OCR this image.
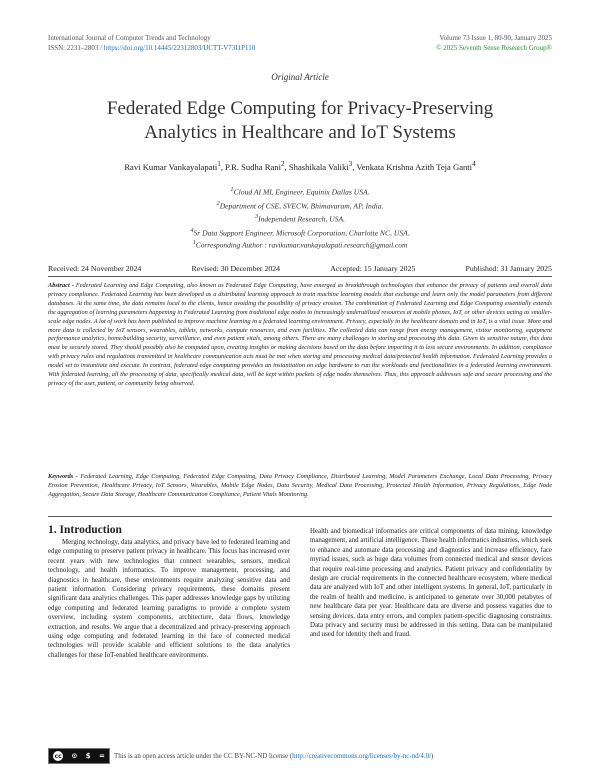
International Journal of Computer Trends and Technology
ISSN: 2231–2803 / https://doi.org/10.14445/22312803/IJCTT-V73I1P110
Volume 73 Issue 1, 80-90, January 2025
© 2025 Seventh Sense Research Group®
Original Article
Federated Edge Computing for Privacy-Preserving
Analytics in Healthcare and IoT Systems
Ravi Kumar Vankayalapati$^1$, P.R. Sudha Rani$^2$, Shashikala Valiki$^3$, Venkata Krishna Azith Teja Ganti$^4$
$^1$Cloud AI ML Engineer, Equinix Dallas USA.
$^2$Department of CSE, SVECW, Bhimavaram, AP, India.
$^3$Independent Research, USA.
$^4$Sr Data Support Engineer, Microsoft Corporation, Charlotte NC, USA.
$^1$Corresponding Author : ravikumar.vankayalapati.research@gmail.com
Received: 24 November 2024	Revised: 30 December 2024	Accepted: 15 January 2025	Published: 31 January 2025
Abstract - Federated Learning and Edge Computing, also known as Federated Edge Computing, have emerged as breakthrough technologies that enhance the privacy of patients and overall data privacy compliance. Federated Learning has been developed as a distributed learning approach to train machine learning models that exchange and learn only the model parameters from different databases. At the same time, the data remains local to the clients, hence avoiding the possibility of privacy erosion. The combination of Federated Learning and Edge Computing essentially extends the aggregation of learning parameters happening in Federated Learning from traditional edge nodes to increasingly underutilized resources at mobile phones, IoT, or other devices acting as smaller-scale edge nodes. A lot of work has been published to improve machine learning in a federated learning environment. Privacy, especially in the healthcare domain and in IoT, is a vital issue. More and more data is collected by IoT sensors, wearables, tablets, networks, compute resources, and even facilities. The collected data can range from energy management, visitor monitoring, equipment performance analytics, home/building security, surveillance, and even patient vitals, among others. There are many challenges in storing and processing this data. Given its sensitive nature, this data must be securely stored. They should possibly also be computed upon, creating insights or making decisions based on the data before importing it to less secure environments. In addition, compliance with privacy rules and regulations transmitted in healthcare communication acts must be met when storing and processing medical data/protected health information. Federated Learning provides a model set to instantiate and execute. In contrast, federated edge computing provides an instantiation on edge hardware to run the workloads and functionalities in a federated learning environment. With federated learning, all the processing of data, specifically medical data, will be kept within pockets of edge nodes themselves. Thus, this approach addresses safe and secure processing and the privacy of the user, patient, or community being observed.
Keywords - Federated Learning, Edge Computing, Federated Edge Computing, Data Privacy Compliance, Distributed Learning, Model Parameters Exchange, Local Data Processing, Privacy Erosion Prevention, Healthcare Privacy, IoT Sensors, Wearables, Mobile Edge Nodes, Data Security, Medical Data Processing, Protected Health Information, Privacy Regulations, Edge Node Aggregation, Secure Data Storage, Healthcare Communication Compliance, Patient Vitals Monitoring.
1. Introduction
Merging technology, data analytics, and privacy have led to federated learning and edge computing to preserve patient privacy in healthcare. This focus has increased over recent years with new technologies that connect wearables, sensors, medical technology, and health informatics. To improve management, processing, and diagnostics in healthcare, these environments require analyzing sensitive data and patient information. Considering privacy requirements, these domains present significant data analytics challenges. This paper addresses knowledge gaps by utilizing edge computing and federated learning paradigms to provide a complete system overview, including system components, architecture, data flows, knowledge extraction, and results. We argue that a decentralized and privacy-preserving approach using edge computing and federated learning in the face of connected medical technologies will provide scalable and efficient solutions to the data analytics challenges for these IoT-enabled healthcare environments.
Health and biomedical informatics are critical components of data mining, knowledge management, and artificial intelligence. These health informatics industries, which seek to enhance and automate data processing and diagnostics and increase efficiency, face myriad issues, such as huge data volumes from connected medical and sensor devices that require real-time processing and analytics. Patient privacy and confidentiality by design are crucial requirements in the connected healthcare ecosystem, where medical data are analyzed with IoT and other intelligent systems. In general, IoT, particularly in the realm of health and medicine, is anticipated to generate over 30,000 petabytes of new healthcare data per year. Healthcare data are diverse and possess vagaries due to sensing devices, data entry errors, and complex patient-specific diagnosing constraints. Data privacy and security must be addressed in this setting. Data can be manipulated and used for identity theft and fraud.
cc ⊙ $ = This is an open access article under the CC BY-NC-ND license (http://creativecommons.org/licenses/by-nc-nd/4.0/)
